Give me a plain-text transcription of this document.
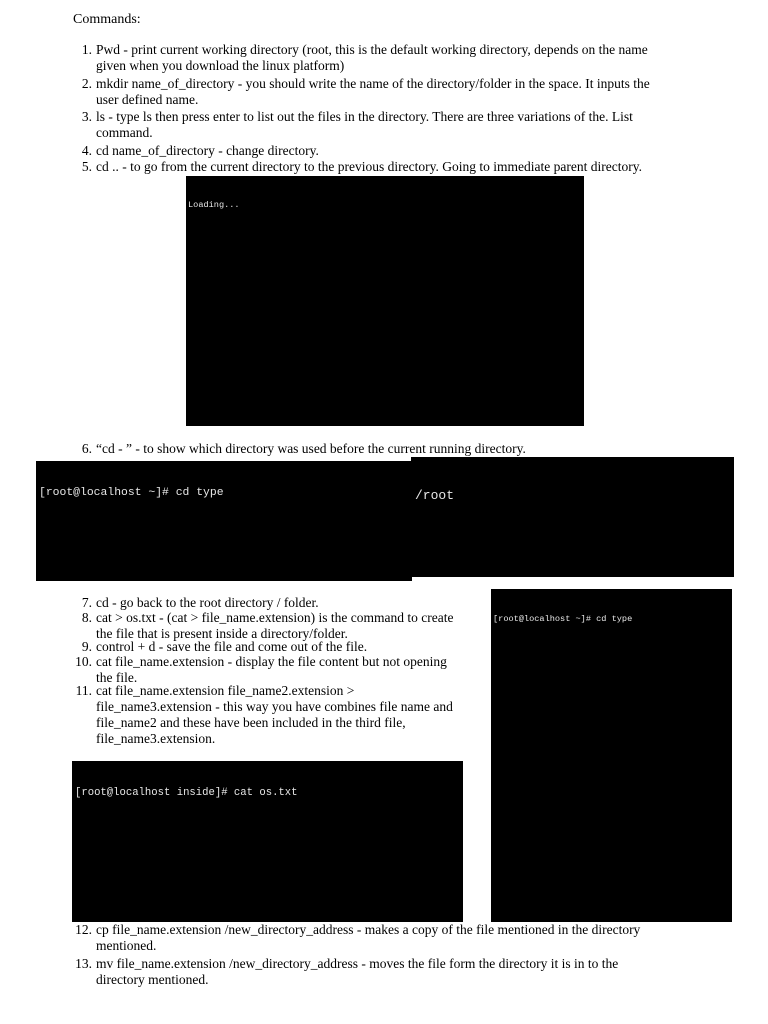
Commands:
1. Pwd - print current working directory (root, this is the default working directory, depends on the name
given when you download the linux platform)
2. mkdir name_of_directory - you should write the name of the directory/folder in the space. It inputs the
user defined name.
3. ls - type ls then press enter to list out the files in the directory. There are three variations of the. List
command.
4. cd name_of_directory - change directory.
5. cd .. - to go from the current directory to the previous directory. Going to immediate parent directory.

Loading...

6. “cd - ” - to show which directory was used before the current running directory.

[root@localhost ~]# cd type

	/root

7. cd - go back to the root directory / folder.
8. cat > os.txt - (cat > file_name.extension) is the command to create
the file that is present inside a directory/folder.
9. control + d - save the file and come out of the file.
10. cat file_name.extension - display the file content but not opening
the file.
11. cat file_name.extension file_name2.extension >
file_name3.extension - this way you have combines file name and
file_name2 and these have been included in the third file,
file_name3.extension.

[root@localhost ~]# cd type

[root@localhost inside]# cat os.txt

12. cp file_name.extension /new_directory_address - makes a copy of the file mentioned in the directory
mentioned.
13. mv file_name.extension /new_directory_address - moves the file form the directory it is in to the
directory mentioned.
